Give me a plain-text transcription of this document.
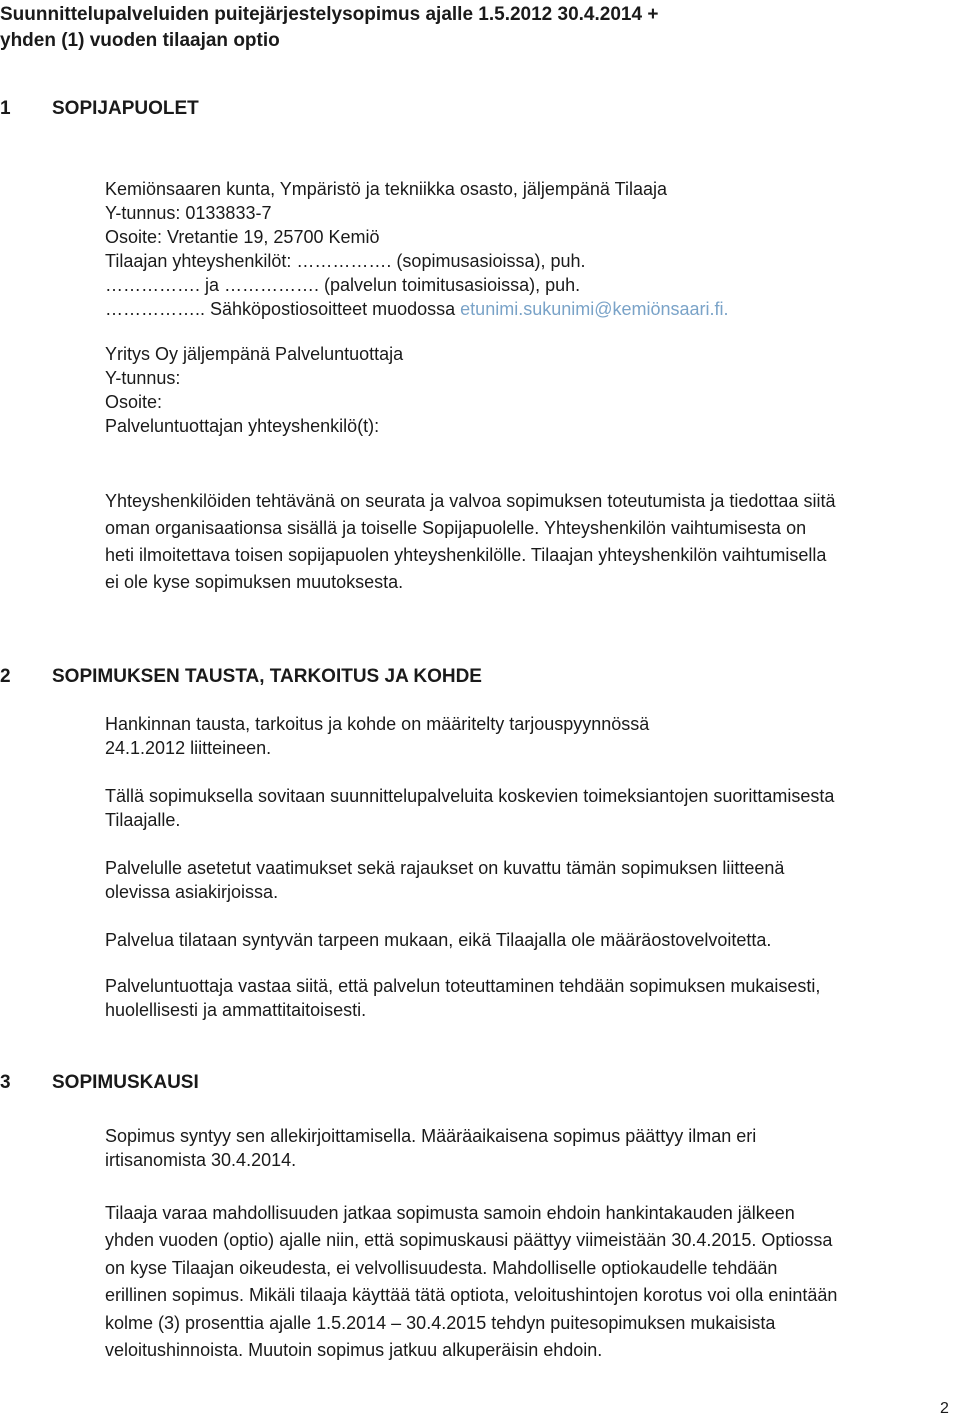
Suunnittelupalveluiden puitejärjestelysopimus ajalle 1.5.2012 30.4.2014 +
yhden (1) vuoden tilaajan optio
1 SOPIJAPUOLET

Kemiönsaaren kunta, Ympäristö ja tekniikka osasto, jäljempänä Tilaaja

Y-tunnus: 0133833-7

Osoite: Vretantie 19, 25700 Kemiö

Tilaajan yhteyshenkilöt: ……………. (sopimusasioissa), puh.

……………. ja ……………. (palvelun toimitusasioissa), puh.

…………….. Sähköpostiosoitteet muodossa etunimi.sukunimi@kemiönsaari.fi.

Yritys Oy jäljempänä Palveluntuottaja

Y-tunnus:

Osoite:

Palveluntuottajan yhteyshenkilö(t):

Yhteyshenkilöiden tehtävänä on seurata ja valvoa sopimuksen toteutumista ja tiedottaa siitä

oman organisaationsa sisällä ja toiselle Sopijapuolelle. Yhteyshenkilön vaihtumisesta on

heti ilmoitettava toisen sopijapuolen yhteyshenkilölle. Tilaajan yhteyshenkilön vaihtumisella

ei ole kyse sopimuksen muutoksesta.

2 SOPIMUKSEN TAUSTA, TARKOITUS JA KOHDE

Hankinnan tausta, tarkoitus ja kohde on määritelty tarjouspyynnössä

24.1.2012 liitteineen.

Tällä sopimuksella sovitaan suunnittelupalveluita koskevien toimeksiantojen suorittamisesta

Tilaajalle.

Palvelulle asetetut vaatimukset sekä rajaukset on kuvattu tämän sopimuksen liitteenä

olevissa asiakirjoissa.

Palvelua tilataan syntyvän tarpeen mukaan, eikä Tilaajalla ole määräostovelvoitetta.

Palveluntuottaja vastaa siitä, että palvelun toteuttaminen tehdään sopimuksen mukaisesti,

huolellisesti ja ammattitaitoisesti.

3 SOPIMUSKAUSI

Sopimus syntyy sen allekirjoittamisella. Määräaikaisena sopimus päättyy ilman eri

irtisanomista 30.4.2014.

Tilaaja varaa mahdollisuuden jatkaa sopimusta samoin ehdoin hankintakauden jälkeen

yhden vuoden (optio) ajalle niin, että sopimuskausi päättyy viimeistään 30.4.2015. Optiossa

on kyse Tilaajan oikeudesta, ei velvollisuudesta. Mahdolliselle optiokaudelle tehdään

erillinen sopimus. Mikäli tilaaja käyttää tätä optiota, veloitushintojen korotus voi olla enintään

kolme (3) prosenttia ajalle 1.5.2014 – 30.4.2015 tehdyn puitesopimuksen mukaisista

veloitushinnoista. Muutoin sopimus jatkuu alkuperäisin ehdoin.

2
